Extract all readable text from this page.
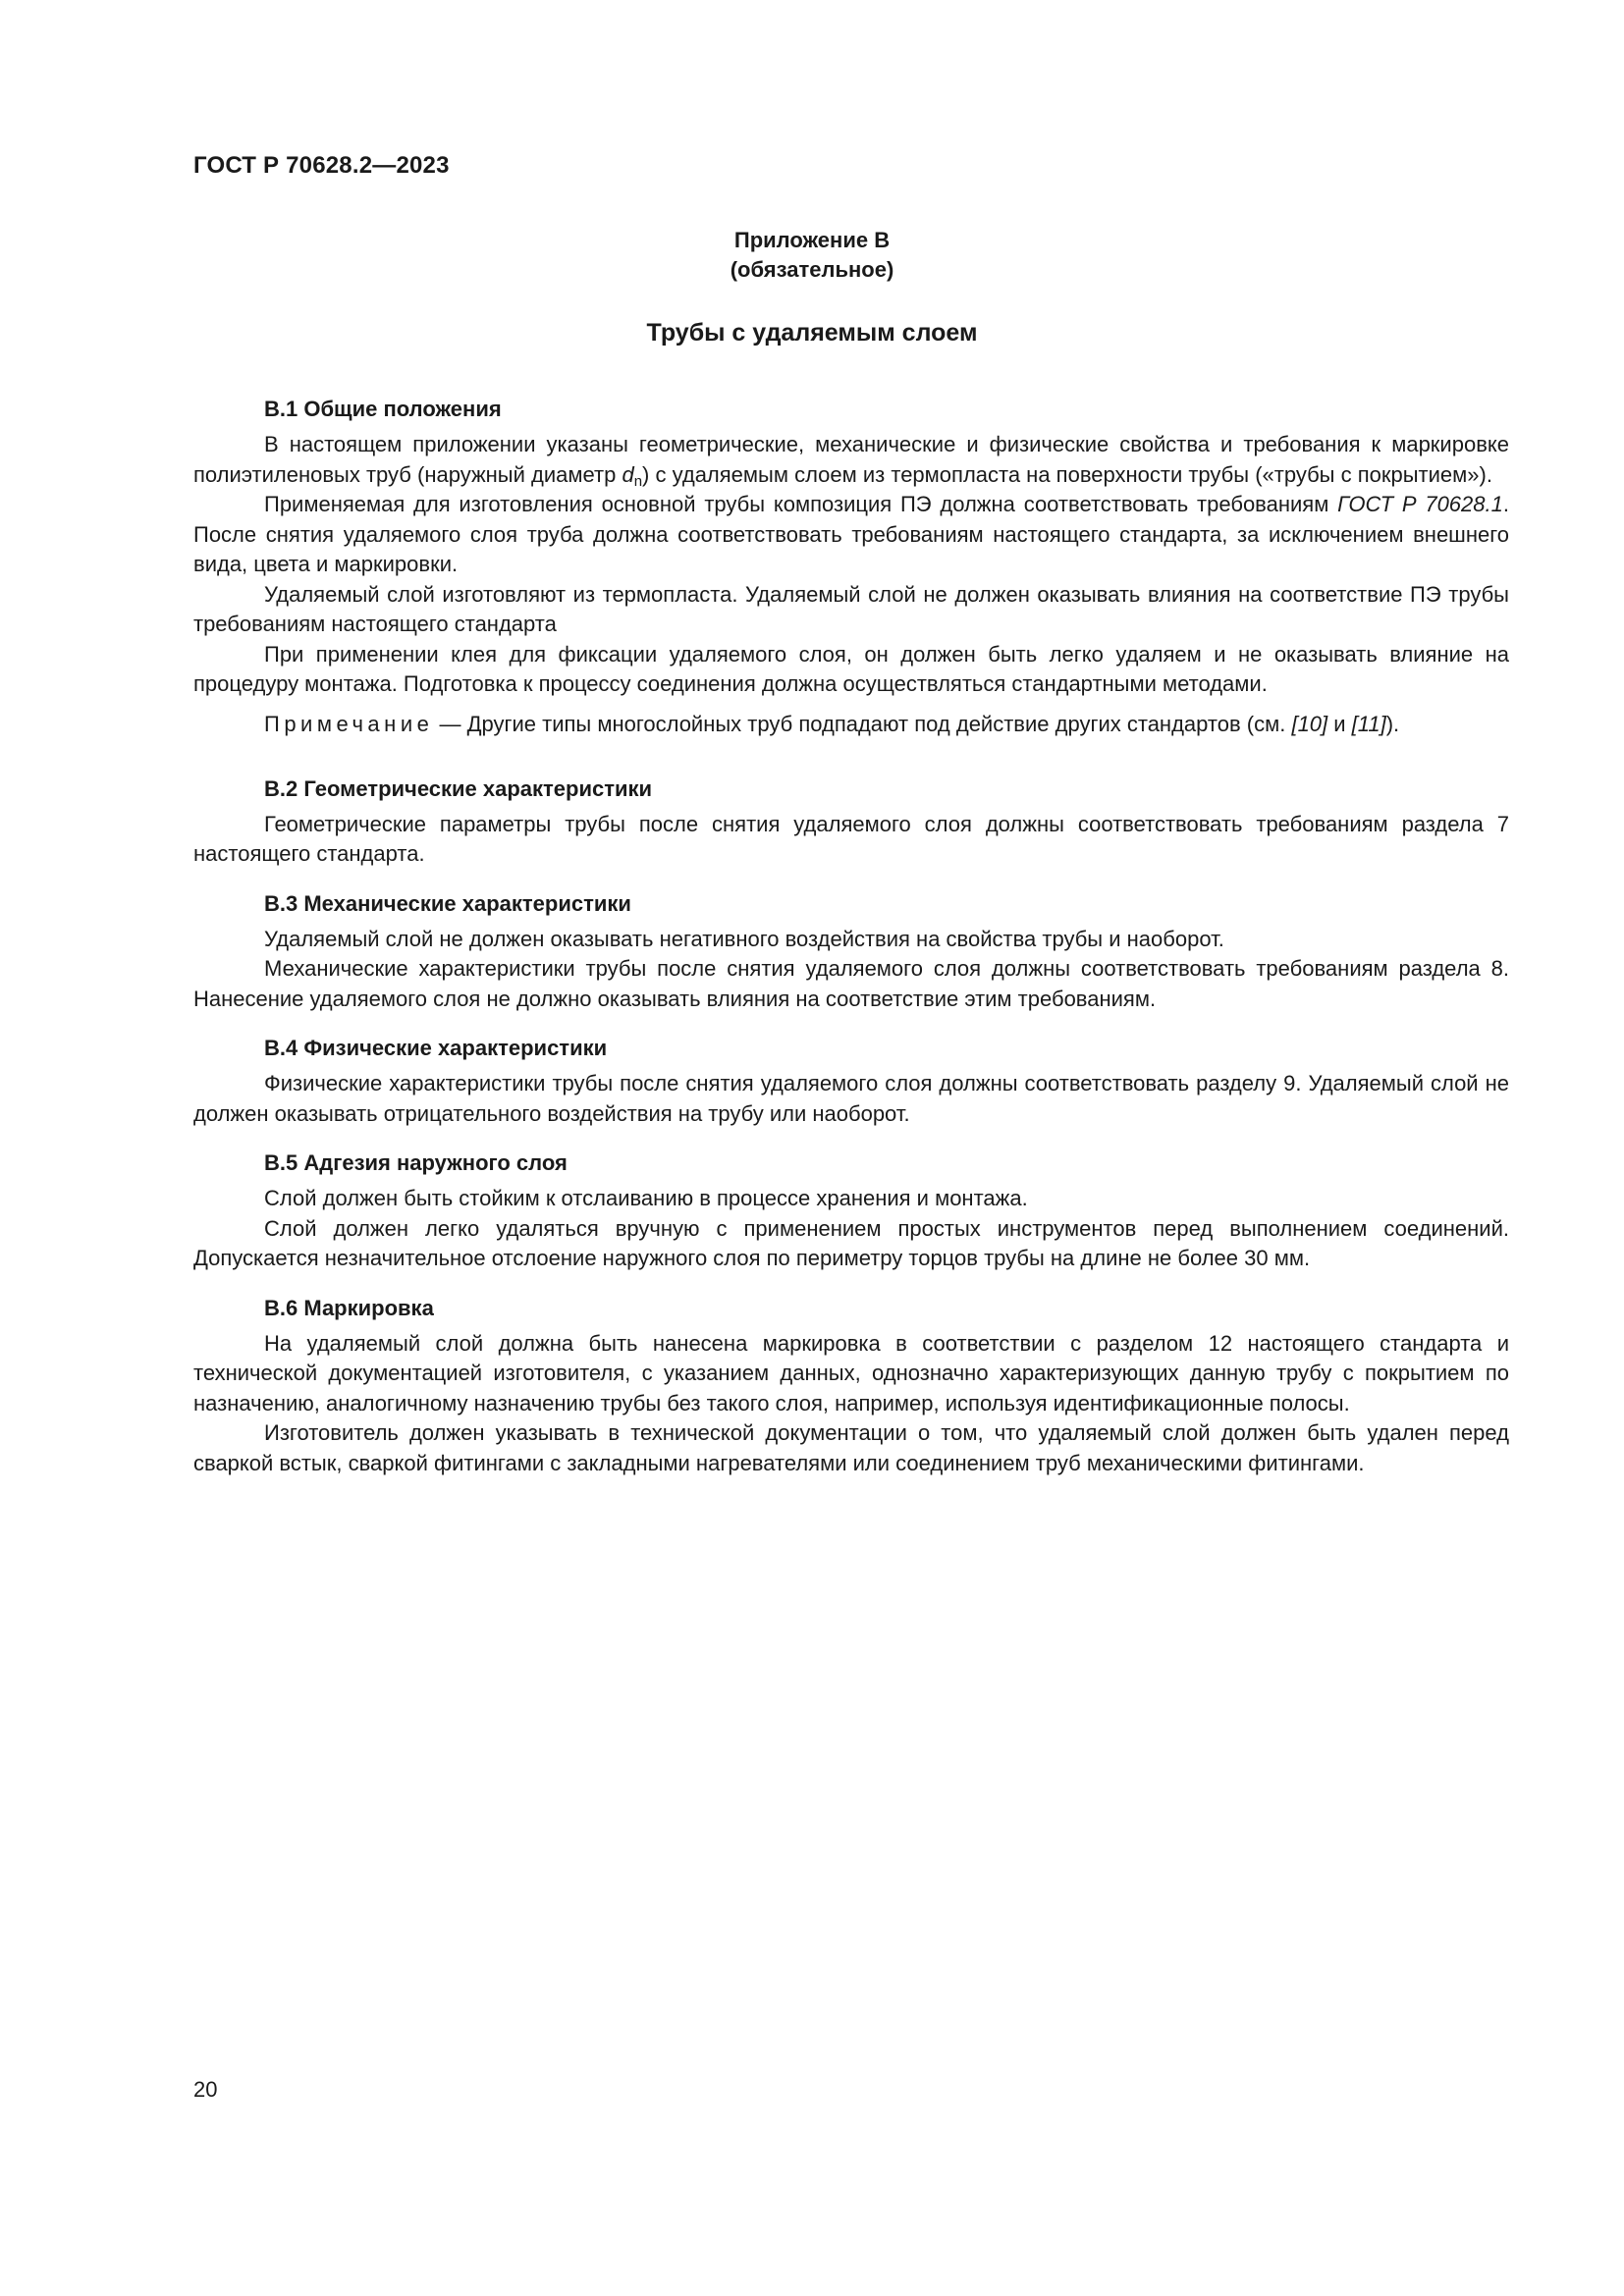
ГОСТ Р 70628.2—2023
Приложение В
(обязательное)
Трубы с удаляемым слоем
В.1 Общие положения

В настоящем приложении указаны геометрические, механические и физические свойства и требования к маркировке полиэтиленовых труб (наружный диаметр $d_n$) с удаляемым слоем из термопласта на поверхности трубы («трубы с покрытием»).

Применяемая для изготовления основной трубы композиция ПЭ должна соответствовать требованиям ГОСТ Р 70628.1. После снятия удаляемого слоя труба должна соответствовать требованиям настоящего стандарта, за исключением внешнего вида, цвета и маркировки.

Удаляемый слой изготовляют из термопласта. Удаляемый слой не должен оказывать влияния на соответствие ПЭ трубы требованиям настоящего стандарта

При применении клея для фиксации удаляемого слоя, он должен быть легко удаляем и не оказывать влияние на процедуру монтажа. Подготовка к процессу соединения должна осуществляться стандартными методами.

Примечание — Другие типы многослойных труб подпадают под действие других стандартов (см. [10] и [11]).

В.2 Геометрические характеристики

Геометрические параметры трубы после снятия удаляемого слоя должны соответствовать требованиям раздела 7 настоящего стандарта.

В.3 Механические характеристики

Удаляемый слой не должен оказывать негативного воздействия на свойства трубы и наоборот.

Механические характеристики трубы после снятия удаляемого слоя должны соответствовать требованиям раздела 8. Нанесение удаляемого слоя не должно оказывать влияния на соответствие этим требованиям.

В.4 Физические характеристики

Физические характеристики трубы после снятия удаляемого слоя должны соответствовать разделу 9. Удаляемый слой не должен оказывать отрицательного воздействия на трубу или наоборот.

В.5 Адгезия наружного слоя

Слой должен быть стойким к отслаиванию в процессе хранения и монтажа.

Слой должен легко удаляться вручную с применением простых инструментов перед выполнением соединений. Допускается незначительное отслоение наружного слоя по периметру торцов трубы на длине не более 30 мм.

В.6 Маркировка

На удаляемый слой должна быть нанесена маркировка в соответствии с разделом 12 настоящего стандарта и технической документацией изготовителя, с указанием данных, однозначно характеризующих данную трубу с покрытием по назначению, аналогичному назначению трубы без такого слоя, например, используя идентификационные полосы.

Изготовитель должен указывать в технической документации о том, что удаляемый слой должен быть удален перед сваркой встык, сваркой фитингами с закладными нагревателями или соединением труб механическими фитингами.

20
